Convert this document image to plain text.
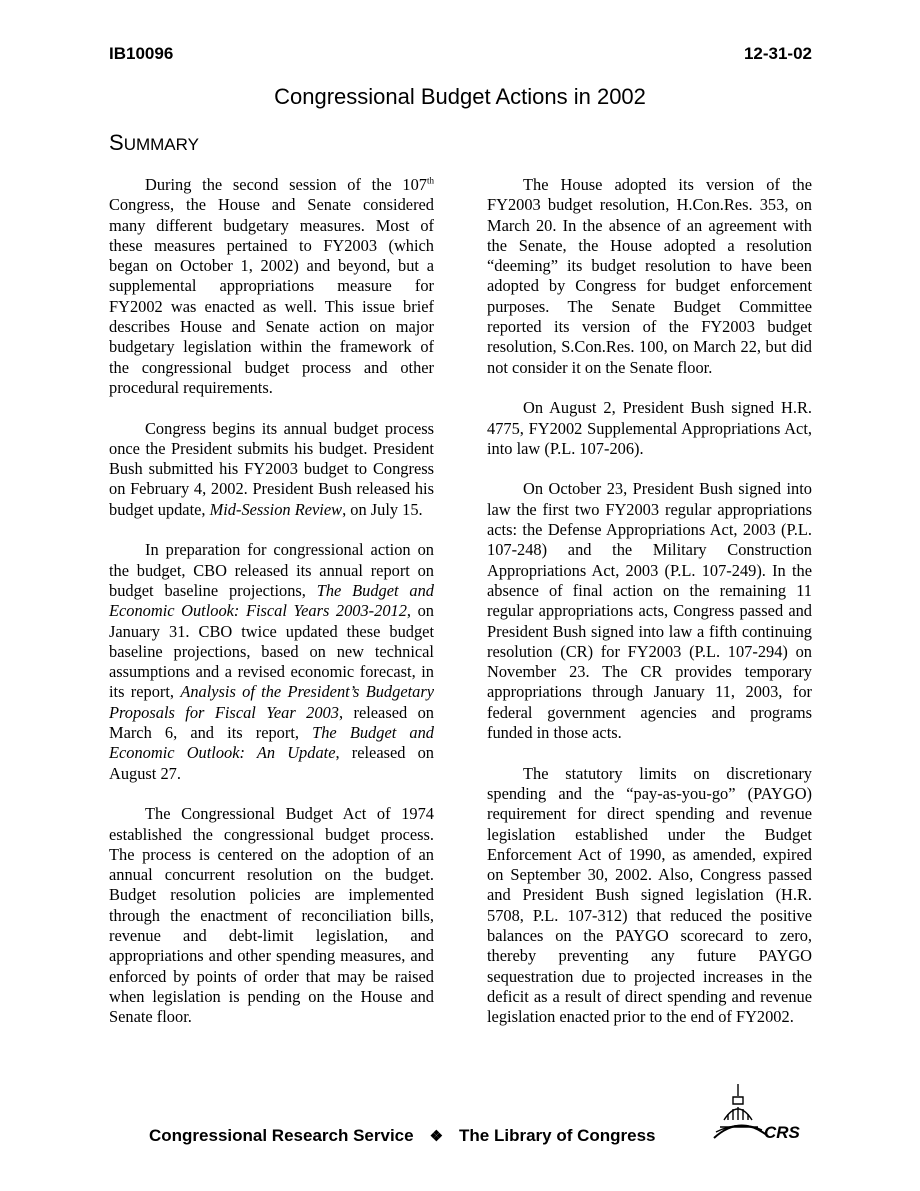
IB10096	12-31-02
Congressional Budget Actions in 2002
SUMMARY

During the second session of the 107th Congress, the House and Senate considered many different budgetary measures. Most of these measures pertained to FY2003 (which began on October 1, 2002) and beyond, but a supplemental appropriations measure for FY2002 was enacted as well. This issue brief describes House and Senate action on major budgetary legislation within the framework of the congressional budget process and other procedural requirements.

Congress begins its annual budget process once the President submits his budget. President Bush submitted his FY2003 budget to Congress on February 4, 2002. President Bush released his budget update, Mid-Session Review, on July 15.

In preparation for congressional action on the budget, CBO released its annual report on budget baseline projections, The Budget and Economic Outlook: Fiscal Years 2003-2012, on January 31. CBO twice updated these budget baseline projections, based on new technical assumptions and a revised economic forecast, in its report, Analysis of the President’s Budgetary Proposals for Fiscal Year 2003, released on March 6, and its report, The Budget and Economic Outlook: An Update, released on August 27.

The Congressional Budget Act of 1974 established the congressional budget process. The process is centered on the adoption of an annual concurrent resolution on the budget. Budget resolution policies are implemented through the enactment of reconciliation bills, revenue and debt-limit legislation, and appropriations and other spending measures, and enforced by points of order that may be raised when legislation is pending on the House and Senate floor.

The House adopted its version of the FY2003 budget resolution, H.Con.Res. 353, on March 20. In the absence of an agreement with the Senate, the House adopted a resolution “deeming” its budget resolution to have been adopted by Congress for budget enforcement purposes. The Senate Budget Committee reported its version of the FY2003 budget resolution, S.Con.Res. 100, on March 22, but did not consider it on the Senate floor.

On August 2, President Bush signed H.R. 4775, FY2002 Supplemental Appropriations Act, into law (P.L. 107-206).

On October 23, President Bush signed into law the first two FY2003 regular appropriations acts: the Defense Appropriations Act, 2003 (P.L. 107-248) and the Military Construction Appropriations Act, 2003 (P.L. 107-249). In the absence of final action on the remaining 11 regular appropriations acts, Congress passed and President Bush signed into law a fifth continuing resolution (CR) for FY2003 (P.L. 107-294) on November 23. The CR provides temporary appropriations through January 11, 2003, for federal government agencies and programs funded in those acts.

The statutory limits on discretionary spending and the “pay-as-you-go” (PAYGO) requirement for direct spending and revenue legislation established under the Budget Enforcement Act of 1990, as amended, expired on September 30, 2002. Also, Congress passed and President Bush signed legislation (H.R. 5708, P.L. 107-312) that reduced the positive balances on the PAYGO scorecard to zero, thereby preventing any future PAYGO sequestration due to projected increases in the deficit as a result of direct spending and revenue legislation enacted prior to the end of FY2002.

Congressional Research Service ❖ The Library of Congress	CRS
